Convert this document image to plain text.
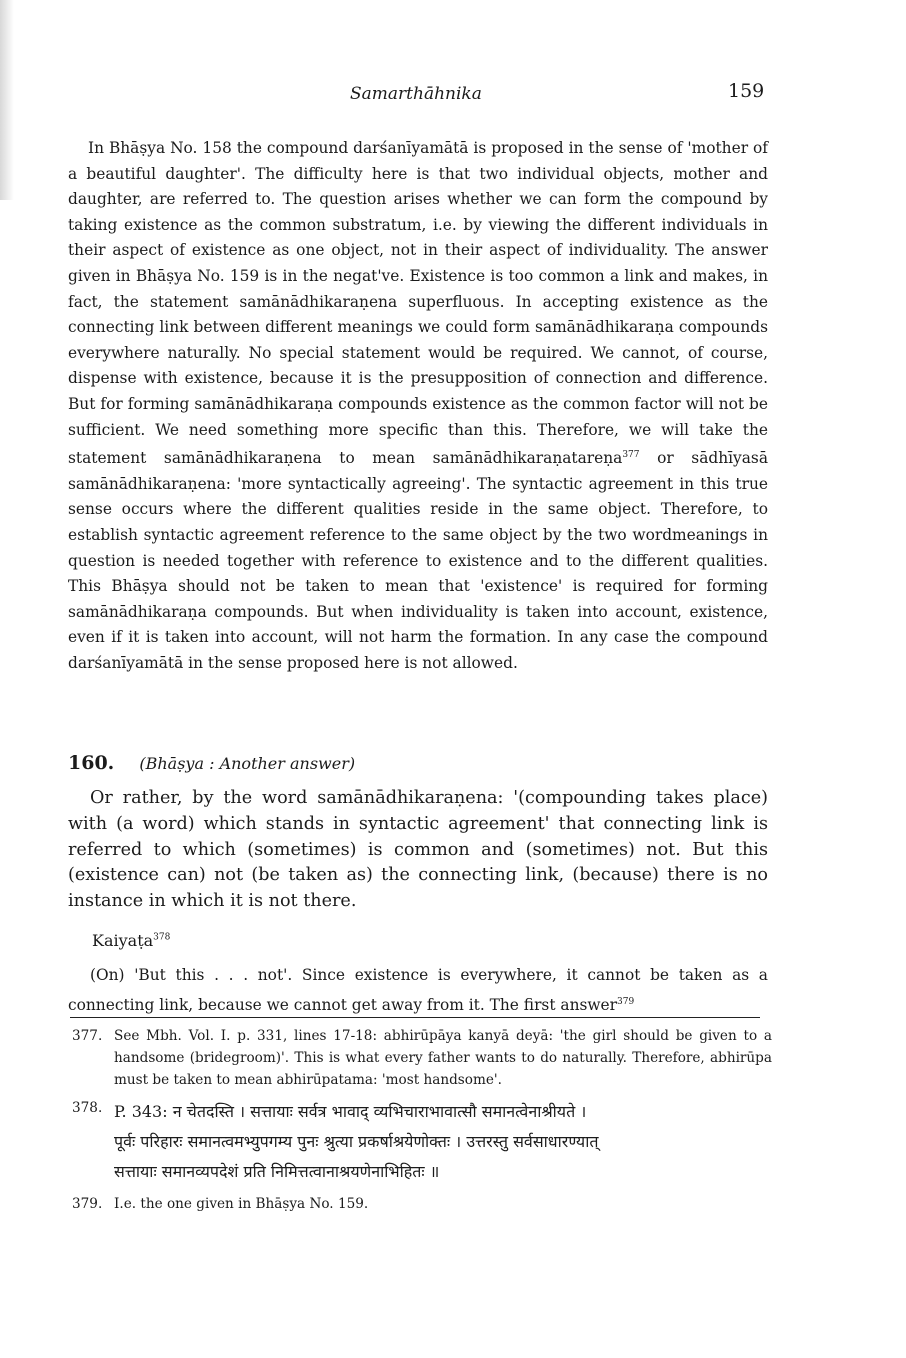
Samarthāhnika	159
In Bhāṣya No. 158 the compound darśanīyamātā is proposed in the sense of 'mother of a beautiful daughter'. The difficulty here is that two individual objects, mother and daughter, are referred to. The question arises whether we can form the compound by taking existence as the common substratum, i.e. by viewing the different individuals in their aspect of existence as one object, not in their aspect of individuality. The answer given in Bhāṣya No. 159 is in the negat've. Existence is too common a link and makes, in fact, the statement samānādhikaraṇena superfluous. In accepting existence as the connecting link between different meanings we could form samānādhikaraṇa compounds everywhere naturally. No special statement would be required. We cannot, of course, dispense with existence, because it is the presupposition of connection and difference. But for forming samānādhikaraṇa compounds existence as the common factor will not be sufficient. We need something more specific than this. Therefore, we will take the statement samānādhikaraṇena to mean samānādhikaraṇatareṇa$^{377}$ or sādhīyasā samānādhikaraṇena: 'more syntactically agreeing'. The syntactic agreement in this true sense occurs where the different qualities reside in the same object. Therefore, to establish syntactic agreement reference to the same object by the two wordmeanings in question is needed together with reference to existence and to the different qualities. This Bhāṣya should not be taken to mean that 'existence' is required for forming samānādhikaraṇa compounds. But when individuality is taken into account, existence, even if it is taken into account, will not harm the formation. In any case the compound darśanīyamātā in the sense proposed here is not allowed.
160. (Bhāṣya : Another answer)
Or rather, by the word samānādhikaraṇena: '(compounding takes place) with (a word) which stands in syntactic agreement' that connecting link is referred to which (sometimes) is common and (sometimes) not. But this (existence can) not (be taken as) the connecting link, (because) there is no instance in which it is not there.
Kaiyaṭa$^{378}$
(On) 'But this . . . not'. Since existence is everywhere, it cannot be taken as a connecting link, because we cannot get away from it. The first answer$^{379}$
377. See Mbh. Vol. I. p. 331, lines 17-18: abhirūpāya kanyā deyā: 'the girl should be given to a handsome (bridegroom)'. This is what every father wants to do naturally. Therefore, abhirūpa must be taken to mean abhirūpatama: 'most handsome'.
378. P. 343: न चेतदस्ति । सत्तायाः सर्वत्र भावाद् व्यभिचाराभावात्सौ समानत्वेनाश्रीयते ।
पूर्वः परिहारः समानत्वमभ्युपगम्य पुनः श्रुत्या प्रकर्षाश्रयेणोक्तः । उत्तरस्तु सर्वसाधारण्यात्
सत्तायाः समानव्यपदेशं प्रति निमित्तत्वानाश्रयणेनाभिहितः ॥
379. I.e. the one given in Bhāṣya No. 159.
